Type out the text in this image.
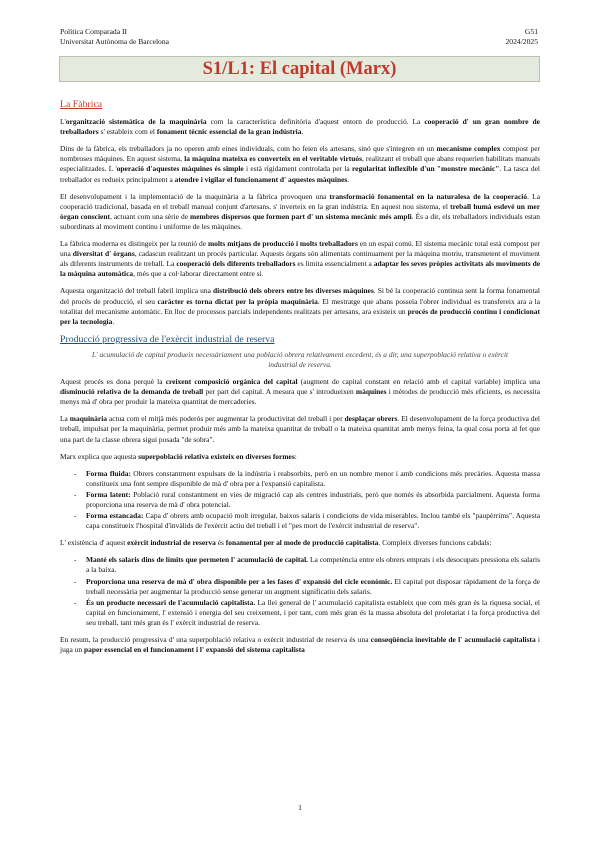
Política Comparada II
Universitat Autònoma de Barcelona
G51
2024/2025
S1/L1: El capital (Marx)
La Fàbrica

L'organització sistemàtica de la maquinària com la característica definitòria d'aquest entorn de producció. La cooperació d' un gran nombre de treballadors s' estableix com el fonament tècnic essencial de la gran indústria.

Dins de la fàbrica, els treballadors ja no operen amb eines individuals, com ho feien els artesans, sinó que s'integren en un mecanisme complex compost per nombroses màquines. En aquest sistema, la màquina mateixa es converteix en el veritable virtuós, realitzant el treball que abans requerien habilitats manuals especialitzades. L 'operació d'aquestes màquines és simple i està rígidament controlada per la regularitat inflexible d'un "monstre mecànic". La tasca del treballador es redueix principalment a atendre i vigilar el funcionament d' aquestes màquines.

El desenvolupament i la implementació de la maquinària a la fàbrica provoquen una transformació fonamental en la naturalesa de la cooperació. La cooperació tradicional, basada en el treball manual conjunt d'artesans, s' inverteix en la gran indústria. En aquest nou sistema, el treball humà esdevé un mer òrgan conscient, actuant com una sèrie de membres dispersos que formen part d' un sistema mecànic més ampli. És a dir, els treballadors individuals estan subordinats al moviment continu i uniforme de les màquines.

La fàbrica moderna es distingeix per la reunió de molts mitjans de producció i molts treballadors en un espai comú. El sistema mecànic total està compost per una diversitat d' òrgans, cadascun realitzant un procés particular. Aquests òrgans són alimentats continuament per la màquina motriu, transmetent el moviment als diferents instruments de treball. La cooperació dels diferents treballadors es limita essencialment a adaptar les seves pròpies activitats als moviments de la màquina automàtica, més que a col·laborar directament entre si.

Aquesta organització del treball fabril implica una distribució dels obrers entre les diverses màquines. Si bé la cooperació continua sent la forma fonamental del procés de producció, el seu caràcter es torna dictat per la pròpia maquinària. El mestratge que abans posseïa l'obrer individual es transfereix ara a la totalitat del mecanisme automàtic. En lloc de processos parcials independents realitzats per artesans, ara existeix un procés de producció continu i condicionat per la tecnologia.

Producció progressiva de l'exèrcit industrial de reserva

L' acumulació de capital produeix necessàriament una població obrera relativament excedent, és a dir, una superpoblació relativa o exèrcit industrial de reserva.

Aquest procés es dona perquè la creixent composició orgànica del capital (augment de capital constant en relació amb el capital variable) implica una disminució relativa de la demanda de treball per part del capital. A mesura que s' introdueixen màquines i mètodes de producció més eficients, es necessita menys mà d' obra per produir la mateixa quantitat de mercaderies.

La maquinària actua com el mitjà més poderós per augmentar la productivitat del treball i per desplaçar obrers. El desenvolupament de la força productiva del treball, impulsat per la maquinària, permet produir més amb la mateixa quantitat de treball o la mateixa quantitat amb menys feina, la qual cosa porta al fet que una part de la classe obrera sigui posada "de sobra".

Marx explica que aquesta superpoblació relativa existeix en diverses formes:

- Forma fluida: Obrers constantment expulsats de la indústria i reabsorbits, però en un nombre menor i amb condicions més precàries. Aquesta massa constitueix una font sempre disponible de mà d' obra per a l'expansió capitalista.
- Forma latent: Població rural constantment en vies de migració cap als centres industrials, però que només és absorbida parcialment. Aquesta forma proporciona una reserva de mà d' obra potencial.
- Forma estancada: Capa d' obrers amb ocupació molt irregular, baixos salaris i condicions de vida miserables. Inclou també els "paupèrrims". Aquesta capa constitueix l'hospital d'invàlids de l'exèrcit actiu del treball i el "pes mort de l'exèrcit industrial de reserva".

L' existència d' aquest exèrcit industrial de reserva és fonamental per al mode de producció capitalista. Compleix diverses funcions cabdals:

- Manté els salaris dins de límits que permeten l' acumulació de capital. La competència entre els obrers emprats i els desocupats pressiona els salaris a la baixa.
- Proporciona una reserva de mà d' obra disponible per a les fases d' expansió del cicle econòmic. El capital pot disposar ràpidament de la força de treball necessària per augmentar la producció sense generar un augment significatiu dels salaris.
- És un producte necessari de l'acumulació capitalista. La llei general de l' acumulació capitalista estableix que com més gran és la riquesa social, el capital en funcionament, l' extensió i energia del seu creixement, i per tant, com més gran és la massa absoluta del proletariat i la força productiva del seu treball, tant més gran és l' exèrcit industrial de reserva.

En resum, la producció progressiva d' una superpoblació relativa o exèrcit industrial de reserva és una conseqüència inevitable de l' acumulació capitalista i juga un paper essencial en el funcionament i l' expansió del sistema capitalista

1
